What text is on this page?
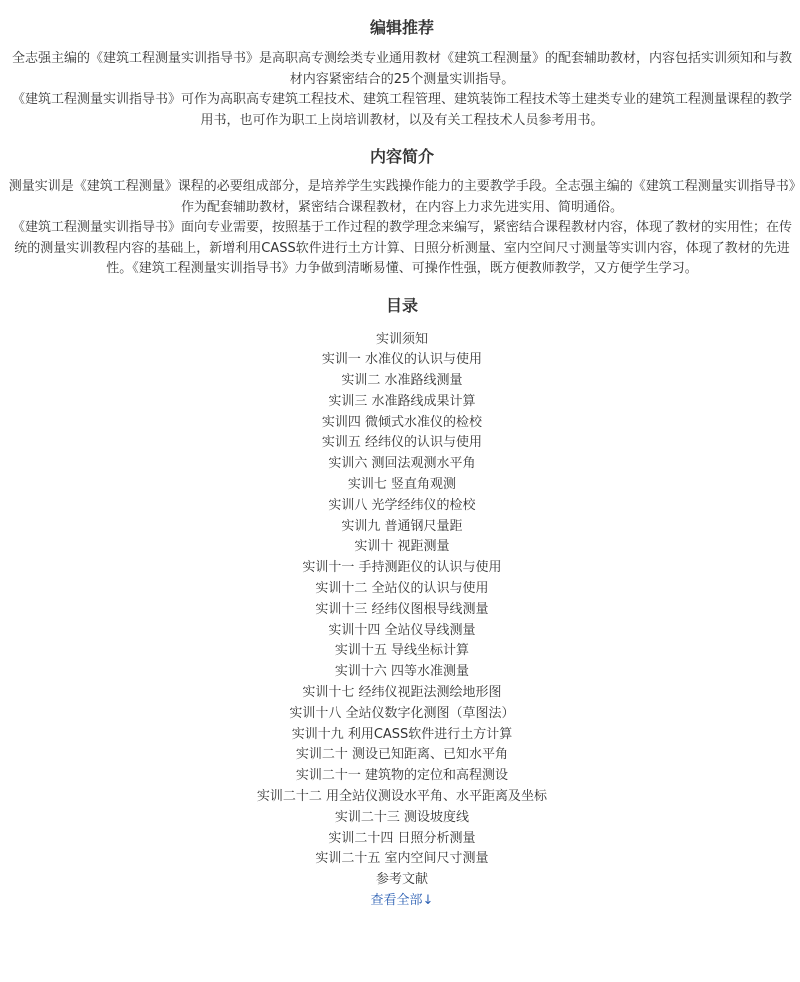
编辑推荐

全志强主编的《建筑工程测量实训指导书》是高职高专测绘类专业通用教材《建筑工程测量》的配套辅助教材，内容包括实训须知和与教材内容紧密结合的25个测量实训指导。

《建筑工程测量实训指导书》可作为高职高专建筑工程技术、建筑工程管理、建筑装饰工程技术等土建类专业的建筑工程测量课程的教学用书，也可作为职工上岗培训教材，以及有关工程技术人员参考用书。

内容简介

测量实训是《建筑工程测量》课程的必要组成部分，是培养学生实践操作能力的主要教学手段。全志强主编的《建筑工程测量实训指导书》作为配套辅助教材，紧密结合课程教材，在内容上力求先进实用、简明通俗。

《建筑工程测量实训指导书》面向专业需要，按照基于工作过程的教学理念来编写，紧密结合课程教材内容，体现了教材的实用性；在传统的测量实训教程内容的基础上，新增利用CASS软件进行土方计算、日照分析测量、室内空间尺寸测量等实训内容，体现了教材的先进性。《建筑工程测量实训指导书》力争做到清晰易懂、可操作性强，既方便教师教学，又方便学生学习。

目录
实训须知
实训一 水准仪的认识与使用
实训二 水准路线测量
实训三 水准路线成果计算
实训四 微倾式水准仪的检校
实训五 经纬仪的认识与使用
实训六 测回法观测水平角
实训七 竖直角观测
实训八 光学经纬仪的检校
实训九 普通钢尺量距
实训十 视距测量
实训十一 手持测距仪的认识与使用
实训十二 全站仪的认识与使用
实训十三 经纬仪图根导线测量
实训十四 全站仪导线测量
实训十五 导线坐标计算
实训十六 四等水准测量
实训十七 经纬仪视距法测绘地形图
实训十八 全站仪数字化测图（草图法）
实训十九 利用CASS软件进行土方计算
实训二十 测设已知距离、已知水平角
实训二十一 建筑物的定位和高程测设
实训二十二 用全站仪测设水平角、水平距离及坐标
实训二十三 测设坡度线
实训二十四 日照分析测量
实训二十五 室内空间尺寸测量
参考文献
查看全部↓
